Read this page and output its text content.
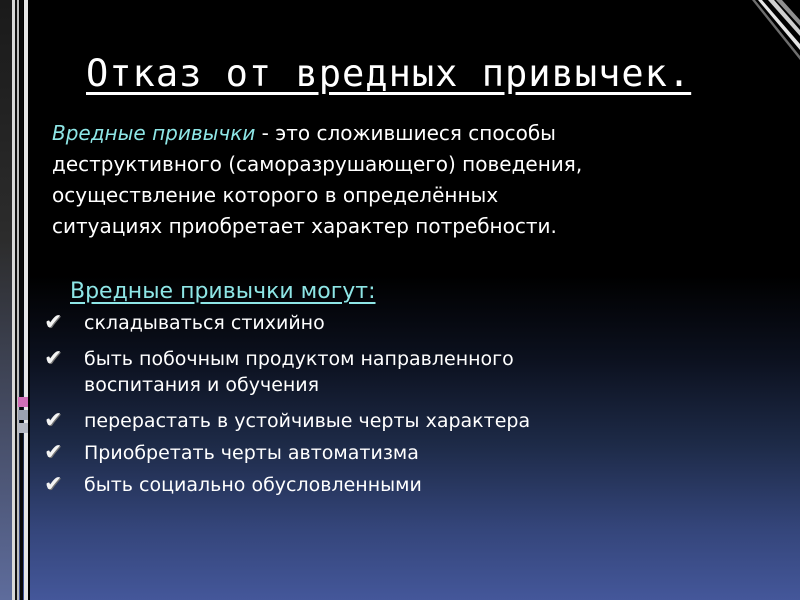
Отказ от вредных привычек.
Вредные привычки - это сложившиеся способы
деструктивного (саморазрушающего) поведения,
осуществление которого в определённых
ситуациях приобретает характер потребности.
Вредные привычки могут:
✔ складываться стихийно
✔ быть побочным продуктом направленного
воспитания и обучения
✔ перерастать в устойчивые черты характера
✔ Приобретать черты автоматизма
✔ быть социально обусловленными
